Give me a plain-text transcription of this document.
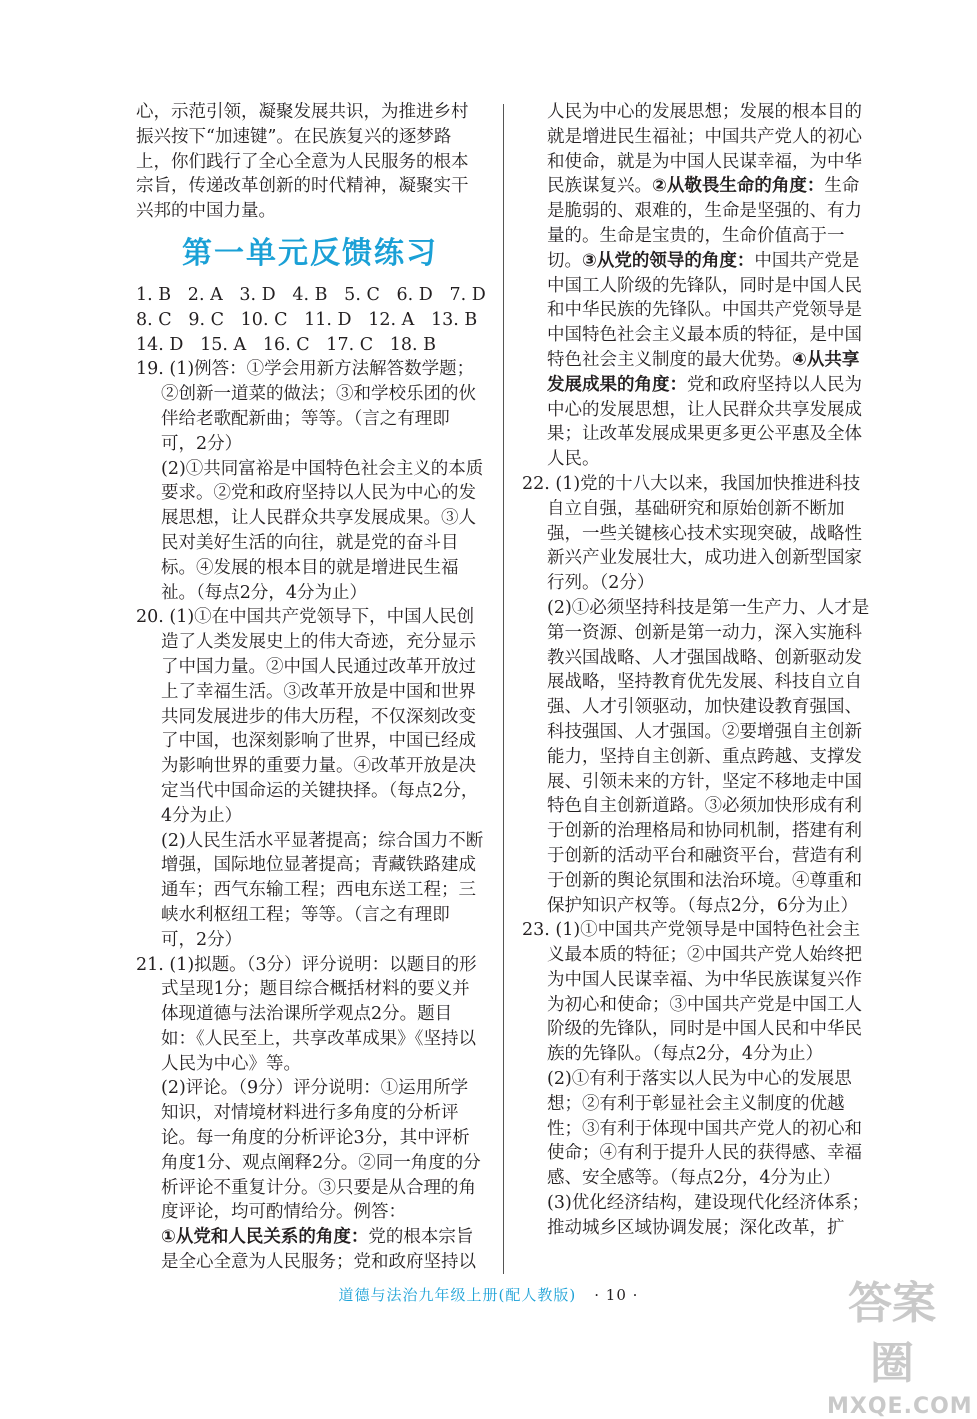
心，示范引领，凝聚发展共识，为推进乡村振兴按下“加速键”。在民族复兴的逐梦路上，你们践行了全心全意为人民服务的根本宗旨，传递改革创新的时代精神，凝聚实干兴邦的中国力量。

第一单元反馈练习

1. B   2. A   3. D   4. B   5. C   6. D   7. D

8. C   9. C   10. C   11. D   12. A   13. B

14. D   15. A   16. C   17. C   18. B

19. (1)例答：①学会用新方法解答数学题；②创新一道菜的做法；③和学校乐团的伙伴给老歌配新曲；等等。（言之有理即可，2分）

(2)①共同富裕是中国特色社会主义的本质要求。②党和政府坚持以人民为中心的发展思想，让人民群众共享发展成果。③人民对美好生活的向往，就是党的奋斗目标。④发展的根本目的就是增进民生福祉。（每点2分，4分为止）

20. (1)①在中国共产党领导下，中国人民创造了人类发展史上的伟大奇迹，充分显示了中国力量。②中国人民通过改革开放过上了幸福生活。③改革开放是中国和世界共同发展进步的伟大历程，不仅深刻改变了中国，也深刻影响了世界，中国已经成为影响世界的重要力量。④改革开放是决定当代中国命运的关键抉择。（每点2分，4分为止）

(2)人民生活水平显著提高；综合国力不断增强，国际地位显著提高；青藏铁路建成通车；西气东输工程；西电东送工程；三峡水利枢纽工程；等等。（言之有理即可，2分）

21. (1)拟题。（3分）评分说明：以题目的形式呈现1分；题目综合概括材料的要义并体现道德与法治课所学观点2分。题目如：《人民至上，共享改革成果》《坚持以人民为中心》等。

(2)评论。（9分）评分说明：①运用所学知识，对情境材料进行多角度的分析评论。每一角度的分析评论3分，其中评析角度1分、观点阐释2分。②同一角度的分析评论不重复计分。③只要是从合理的角度评论，均可酌情给分。例答：

①从党和人民关系的角度：党的根本宗旨是全心全意为人民服务；党和政府坚持以

人民为中心的发展思想；发展的根本目的就是增进民生福祉；中国共产党人的初心和使命，就是为中国人民谋幸福，为中华民族谋复兴。②从敬畏生命的角度：生命是脆弱的、艰难的，生命是坚强的、有力量的。生命是宝贵的，生命价值高于一切。③从党的领导的角度：中国共产党是中国工人阶级的先锋队，同时是中国人民和中华民族的先锋队。中国共产党领导是中国特色社会主义最本质的特征，是中国特色社会主义制度的最大优势。④从共享发展成果的角度：党和政府坚持以人民为中心的发展思想，让人民群众共享发展成果；让改革发展成果更多更公平惠及全体人民。

22. (1)党的十八大以来，我国加快推进科技自立自强，基础研究和原始创新不断加强，一些关键核心技术实现突破，战略性新兴产业发展壮大，成功进入创新型国家行列。（2分）

(2)①必须坚持科技是第一生产力、人才是第一资源、创新是第一动力，深入实施科教兴国战略、人才强国战略、创新驱动发展战略，坚持教育优先发展、科技自立自强、人才引领驱动，加快建设教育强国、科技强国、人才强国。②要增强自主创新能力，坚持自主创新、重点跨越、支撑发展、引领未来的方针，坚定不移地走中国特色自主创新道路。③必须加快形成有利于创新的治理格局和协同机制，搭建有利于创新的活动平台和融资平台，营造有利于创新的舆论氛围和法治环境。④尊重和保护知识产权等。（每点2分，6分为止）

23. (1)①中国共产党领导是中国特色社会主义最本质的特征；②中国共产党人始终把为中国人民谋幸福、为中华民族谋复兴作为初心和使命；③中国共产党是中国工人阶级的先锋队，同时是中国人民和中华民族的先锋队。（每点2分，4分为止）

(2)①有利于落实以人民为中心的发展思想；②有利于彰显社会主义制度的优越性；③有利于体现中国共产党人的初心和使命；④有利于提升人民的获得感、幸福感、安全感等。（每点2分，4分为止）

(3)优化经济结构，建设现代化经济体系；推动城乡区域协调发展；深化改革，扩

道德与法治九年级上册(配人教版) · 10 ·	答案圈
MXQE.COM
